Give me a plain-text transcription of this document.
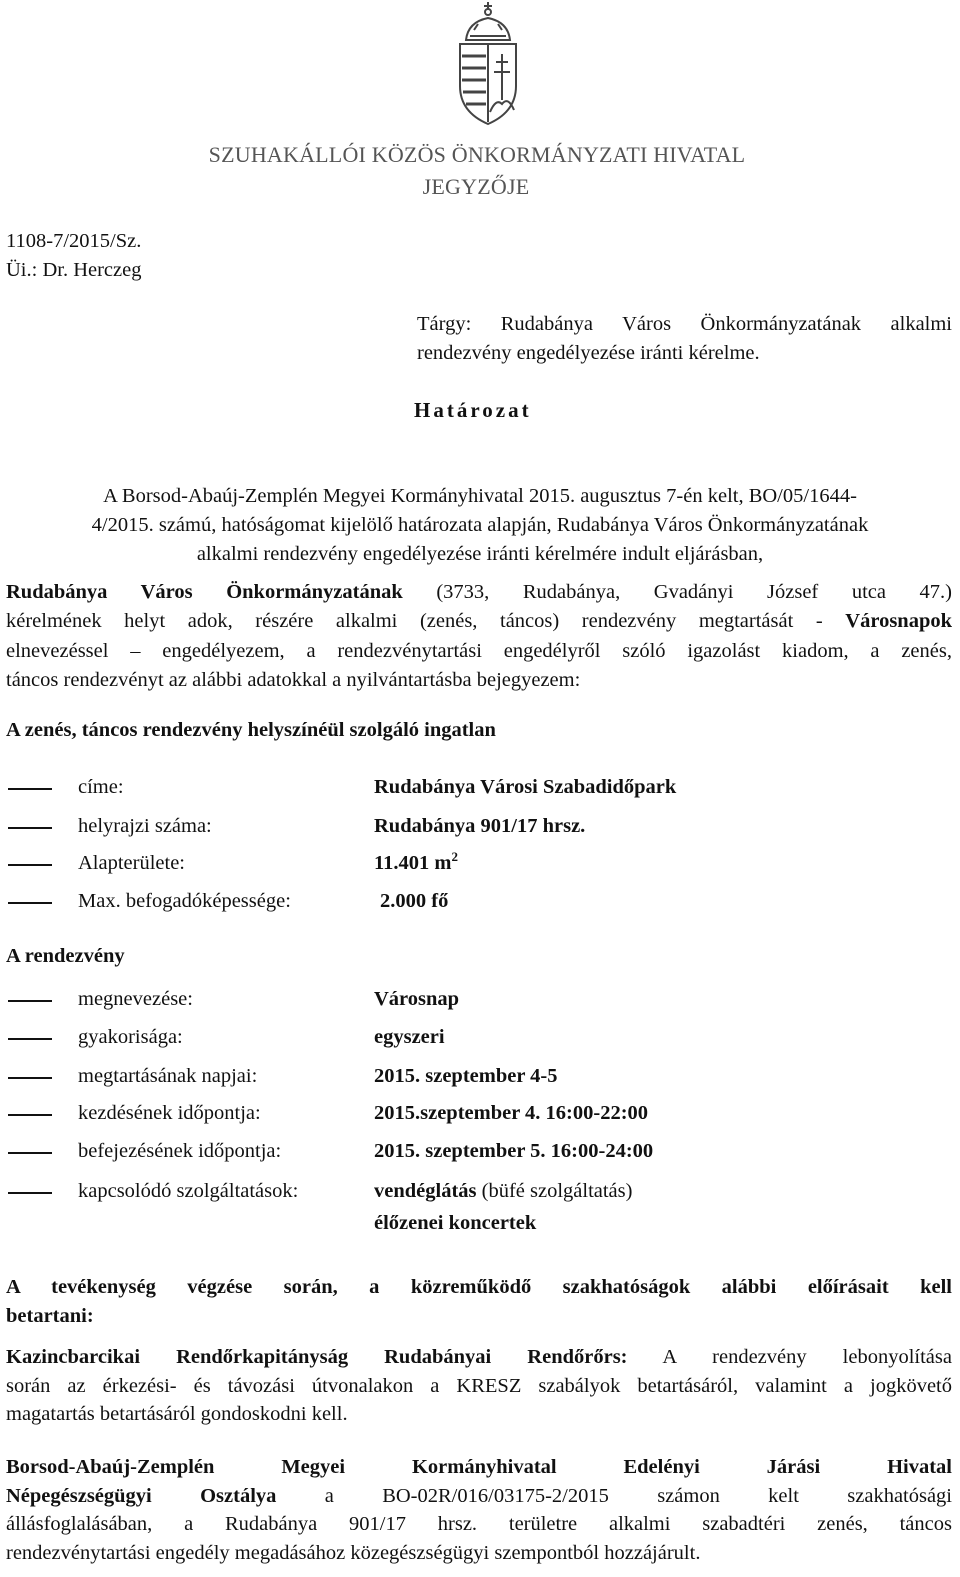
SZUHAKÁLLÓI KÖZÖS ÖNKORMÁNYZATI HIVATAL
JEGYZŐJE
1108-7/2015/Sz.
Üi.: Dr. Herczeg
Tárgy: Rudabánya Város Önkormányzatának alkalmi
rendezvény engedélyezése iránti kérelme.
Határozat
A Borsod-Abaúj-Zemplén Megyei Kormányhivatal 2015. augusztus 7-én kelt, BO/05/1644-
4/2015. számú, hatóságomat kijelölő határozata alapján, Rudabánya Város Önkormányzatának
alkalmi rendezvény engedélyezése iránti kérelmére indult eljárásban,
Rudabánya Város Önkormányzatának (3733, Rudabánya, Gvadányi József utca 47.)
kérelmének helyt adok, részére alkalmi (zenés, táncos) rendezvény megtartását - Városnapok
elnevezéssel – engedélyezem, a rendezvénytartási engedélyről szóló igazolást kiadom, a zenés,
táncos rendezvényt az alábbi adatokkal a nyilvántartásba bejegyezem:
A zenés, táncos rendezvény helyszínéül szolgáló ingatlan
címe:	Rudabánya Városi Szabadidőpark
helyrajzi száma:	Rudabánya 901/17 hrsz.
Alapterülete:	11.401 $m^2$
Max. befogadóképessége:	2.000 fő
A rendezvény
megnevezése:	Városnap
gyakorisága:	egyszeri
megtartásának napjai:	2015. szeptember 4-5
kezdésének időpontja:	2015.szeptember 4. 16:00-22:00
befejezésének időpontja:	2015. szeptember 5. 16:00-24:00
kapcsolódó szolgáltatások:	vendéglátás (büfé szolgáltatás)
élőzenei koncertek
A tevékenység végzése során, a közreműködő szakhatóságok alábbi előírásait kell
betartani:
Kazincbarcikai Rendőrkapitányság Rudabányai Rendőrőrs: A rendezvény lebonyolítása
során az érkezési- és távozási útvonalakon a KRESZ szabályok betartásáról, valamint a jogkövető
magatartás betartásáról gondoskodni kell.
Borsod-Abaúj-Zemplén Megyei Kormányhivatal Edelényi Járási Hivatal
Népegészségügyi Osztálya a BO-02R/016/03175-2/2015 számon kelt szakhatósági
állásfoglalásában, a Rudabánya 901/17 hrsz. területre alkalmi szabadtéri zenés, táncos
rendezvénytartási engedély megadásához közegészségügyi szempontból hozzájárult.
